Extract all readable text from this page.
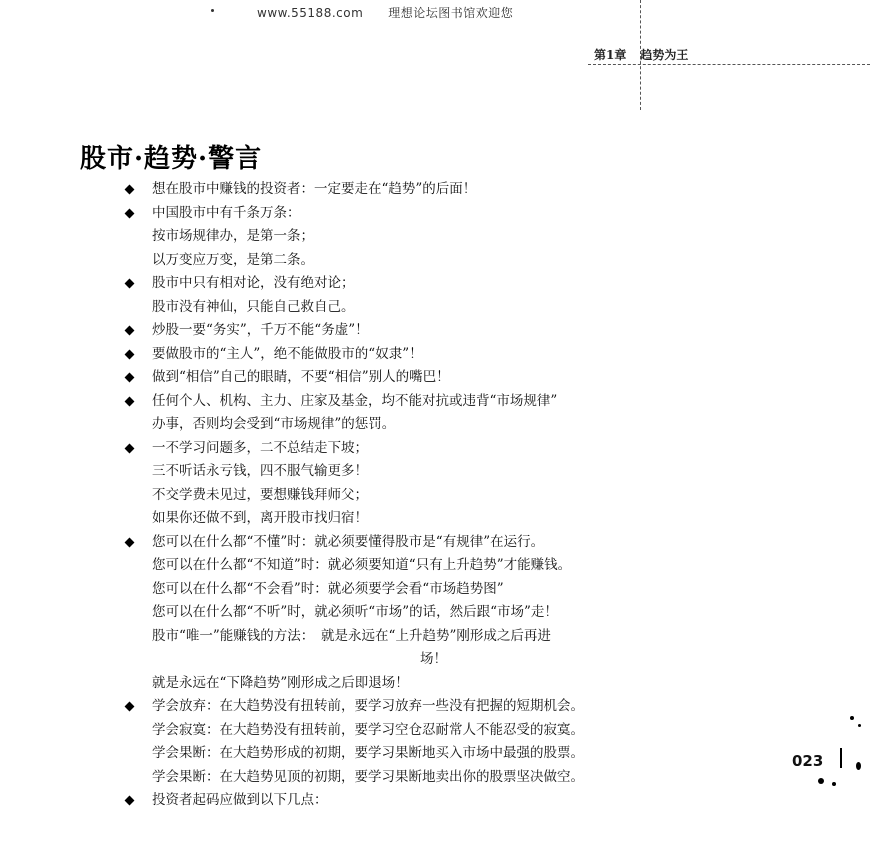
www.55188.com　　理想论坛图书馆欢迎您
第1章 趋势为王
股市·趋势·警言
想在股市中赚钱的投资者：一定要走在“趋势”的后面！
中国股市中有千条万条：
按市场规律办，是第一条；
以万变应万变，是第二条。
股市中只有相对论，没有绝对论；
股市没有神仙，只能自己救自己。
炒股一要“务实”，千万不能“务虚”！
要做股市的“主人”，绝不能做股市的“奴隶”！
做到“相信”自己的眼睛，不要“相信”别人的嘴巴！
任何个人、机构、主力、庄家及基金，均不能对抗或违背“市场规律”
办事，否则均会受到“市场规律”的惩罚。
一不学习问题多，二不总结走下坡；
三不听话永亏钱，四不服气输更多！
不交学费未见过，要想赚钱拜师父；
如果你还做不到，离开股市找归宿！
您可以在什么都“不懂”时：就必须要懂得股市是“有规律”在运行。
您可以在什么都“不知道”时：就必须要知道“只有上升趋势”才能赚钱。
您可以在什么都“不会看”时：就必须要学会看“市场趋势图”
您可以在什么都“不听”时，就必须听“市场”的话，然后跟“市场”走！
股市“唯一”能赚钱的方法：　就是永远在“上升趋势”刚形成之后再进
场！
就是永远在“下降趋势”刚形成之后即退场！
学会放弃：在大趋势没有扭转前，要学习放弃一些没有把握的短期机会。
学会寂寞：在大趋势没有扭转前，要学习空仓忍耐常人不能忍受的寂寞。
学会果断：在大趋势形成的初期，要学习果断地买入市场中最强的股票。
学会果断：在大趋势见顶的初期，要学习果断地卖出你的股票坚决做空。
投资者起码应做到以下几点：
023
